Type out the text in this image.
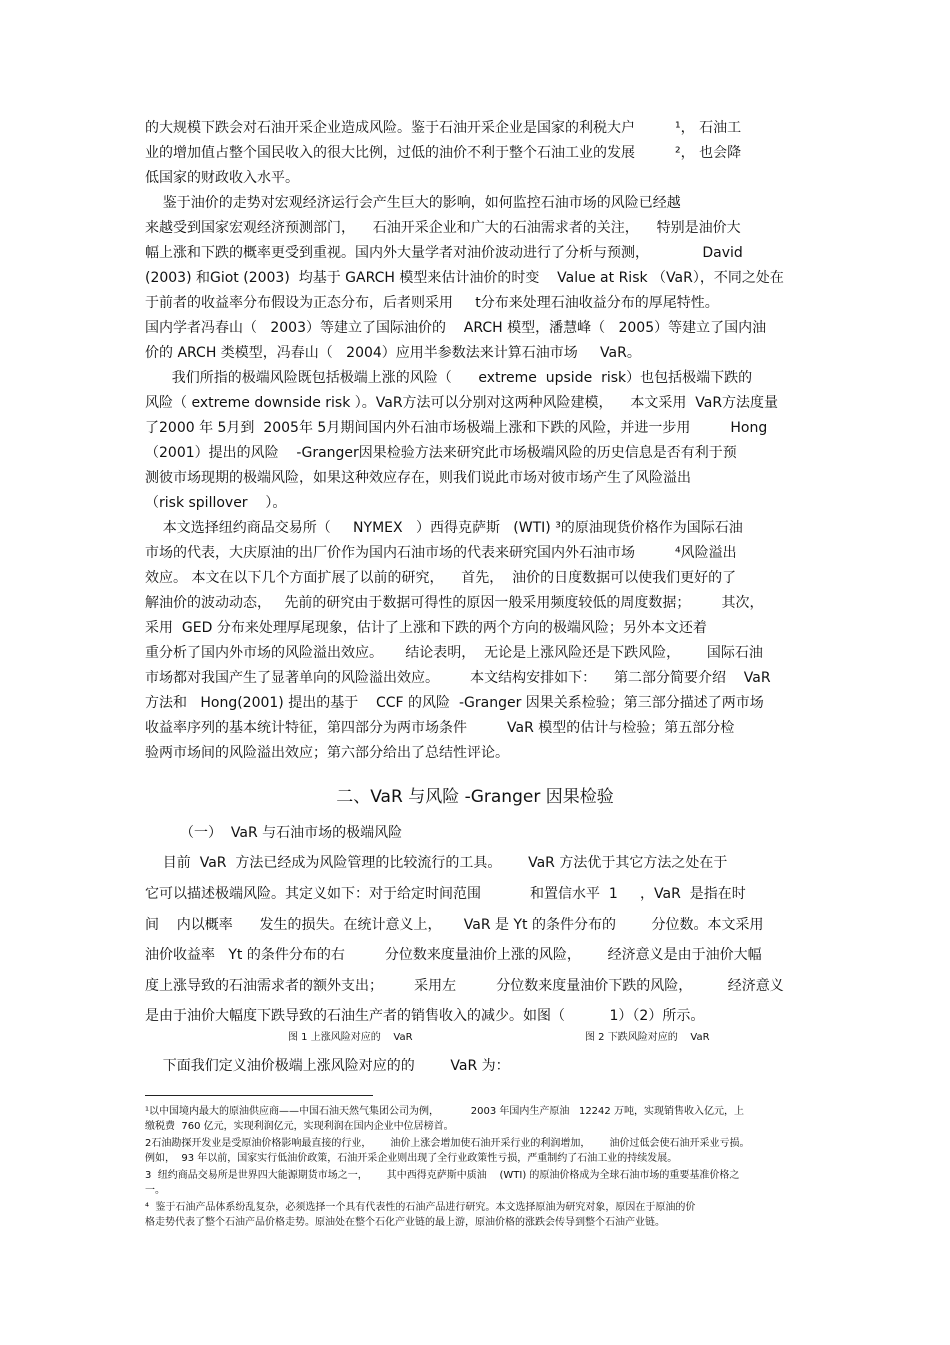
的大规模下跌会对石油开采企业造成风险。鉴于石油开采企业是国家的利税大户         ¹， 石油工
业的增加值占整个国民收入的很大比例，过低的油价不利于整个石油工业的发展         ²， 也会降
低国家的财政收入水平。
鉴于油价的走势对宏观经济运行会产生巨大的影响，如何监控石油市场的风险已经越
来越受到国家宏观经济预测部门，    石油开采企业和广大的石油需求者的关注，    特别是油价大
幅上涨和下跌的概率更受到重视。国内外大量学者对油价波动进行了分析与预测，            David
(2003) 和Giot (2003)  均基于 GARCH 模型来估计油价的时变    Value at Risk （VaR），不同之处在
于前者的收益率分布假设为正态分布，后者则采用     t分布来处理石油收益分布的厚尾特性。
国内学者冯春山（   2003）等建立了国际油价的    ARCH 模型，潘慧峰（   2005）等建立了国内油
价的 ARCH 类模型，冯春山（   2004）应用半参数法来计算石油市场     VaR。
我们所指的极端风险既包括极端上涨的风险（      extreme  upside  risk）也包括极端下跌的
风险（ extreme downside risk ）。VaR方法可以分别对这两种风险建模，    本文采用  VaR方法度量
了2000 年 5月到  2005年 5月期间国内外石油市场极端上涨和下跌的风险，并进一步用         Hong
（2001）提出的风险    -Granger因果检验方法来研究此市场极端风险的历史信息是否有利于预
测彼市场现期的极端风险，如果这种效应存在，则我们说此市场对彼市场产生了风险溢出
（risk spillover    ）。
本文选择纽约商品交易所（     NYMEX   ）西得克萨斯   (WTI) ³的原油现货价格作为国际石油
市场的代表，大庆原油的出厂价作为国内石油市场的代表来研究国内外石油市场         ⁴风险溢出
效应。 本文在以下几个方面扩展了以前的研究，    首先，  油价的日度数据可以使我们更好的了
解油价的波动动态，   先前的研究由于数据可得性的原因一般采用频度较低的周度数据；       其次，
采用  GED 分布来处理厚尾现象，估计了上涨和下跌的两个方向的极端风险；另外本文还着
重分析了国内外市场的风险溢出效应。     结论表明，  无论是上涨风险还是下跌风险，      国际石油
市场都对我国产生了显著单向的风险溢出效应。       本文结构安排如下：    第二部分简要介绍    VaR
方法和   Hong(2001) 提出的基于    CCF 的风险  -Granger 因果关系检验；第三部分描述了两市场
收益率序列的基本统计特征，第四部分为两市场条件         VaR 模型的估计与检验；第五部分检
验两市场间的风险溢出效应；第六部分给出了总结性评论。
二、VaR 与风险 -Granger 因果检验
（一）  VaR 与石油市场的极端风险
目前  VaR  方法已经成为风险管理的比较流行的工具。      VaR 方法优于其它方法之处在于
它可以描述极端风险。其定义如下：对于给定时间范围           和置信水平  1     ，VaR  是指在时
间    内以概率      发生的损失。在统计意义上，     VaR 是 Yt 的条件分布的        分位数。本文采用
油价收益率   Yt 的条件分布的右         分位数来度量油价上涨的风险，      经济意义是由于油价大幅
度上涨导致的石油需求者的额外支出；       采用左         分位数来度量油价下跌的风险，        经济意义
是由于油价大幅度下跌导致的石油生产者的销售收入的减少。如图（          1）（2）所示。
图 1 上涨风险对应的    VaR	图 2 下跌风险对应的    VaR
下面我们定义油价极端上涨风险对应的的        VaR 为：
¹以中国境内最大的原油供应商——中国石油天然气集团公司为例，          2003 年国内生产原油   12242 万吨，实现销售收入亿元，上
缴税费  760 亿元，实现利润亿元，实现利润在国内企业中位居榜首。
2石油勘探开发业是受原油价格影响最直接的行业，      油价上涨会增加使石油开采行业的利润增加，      油价过低会使石油开采业亏损。
例如，  93 年以前，国家实行低油价政策，石油开采企业则出现了全行业政策性亏损，严重制约了石油工业的持续发展。
3  纽约商品交易所是世界四大能源期货市场之一，      其中西得克萨斯中质油    (WTI) 的原油价格成为全球石油市场的重要基准价格之
一。
⁴  鉴于石油产品体系纷乱复杂，必须选择一个具有代表性的石油产品进行研究。本文选择原油为研究对象，原因在于原油的价
格走势代表了整个石油产品价格走势。原油处在整个石化产业链的最上游，原油价格的涨跌会传导到整个石油产业链。
